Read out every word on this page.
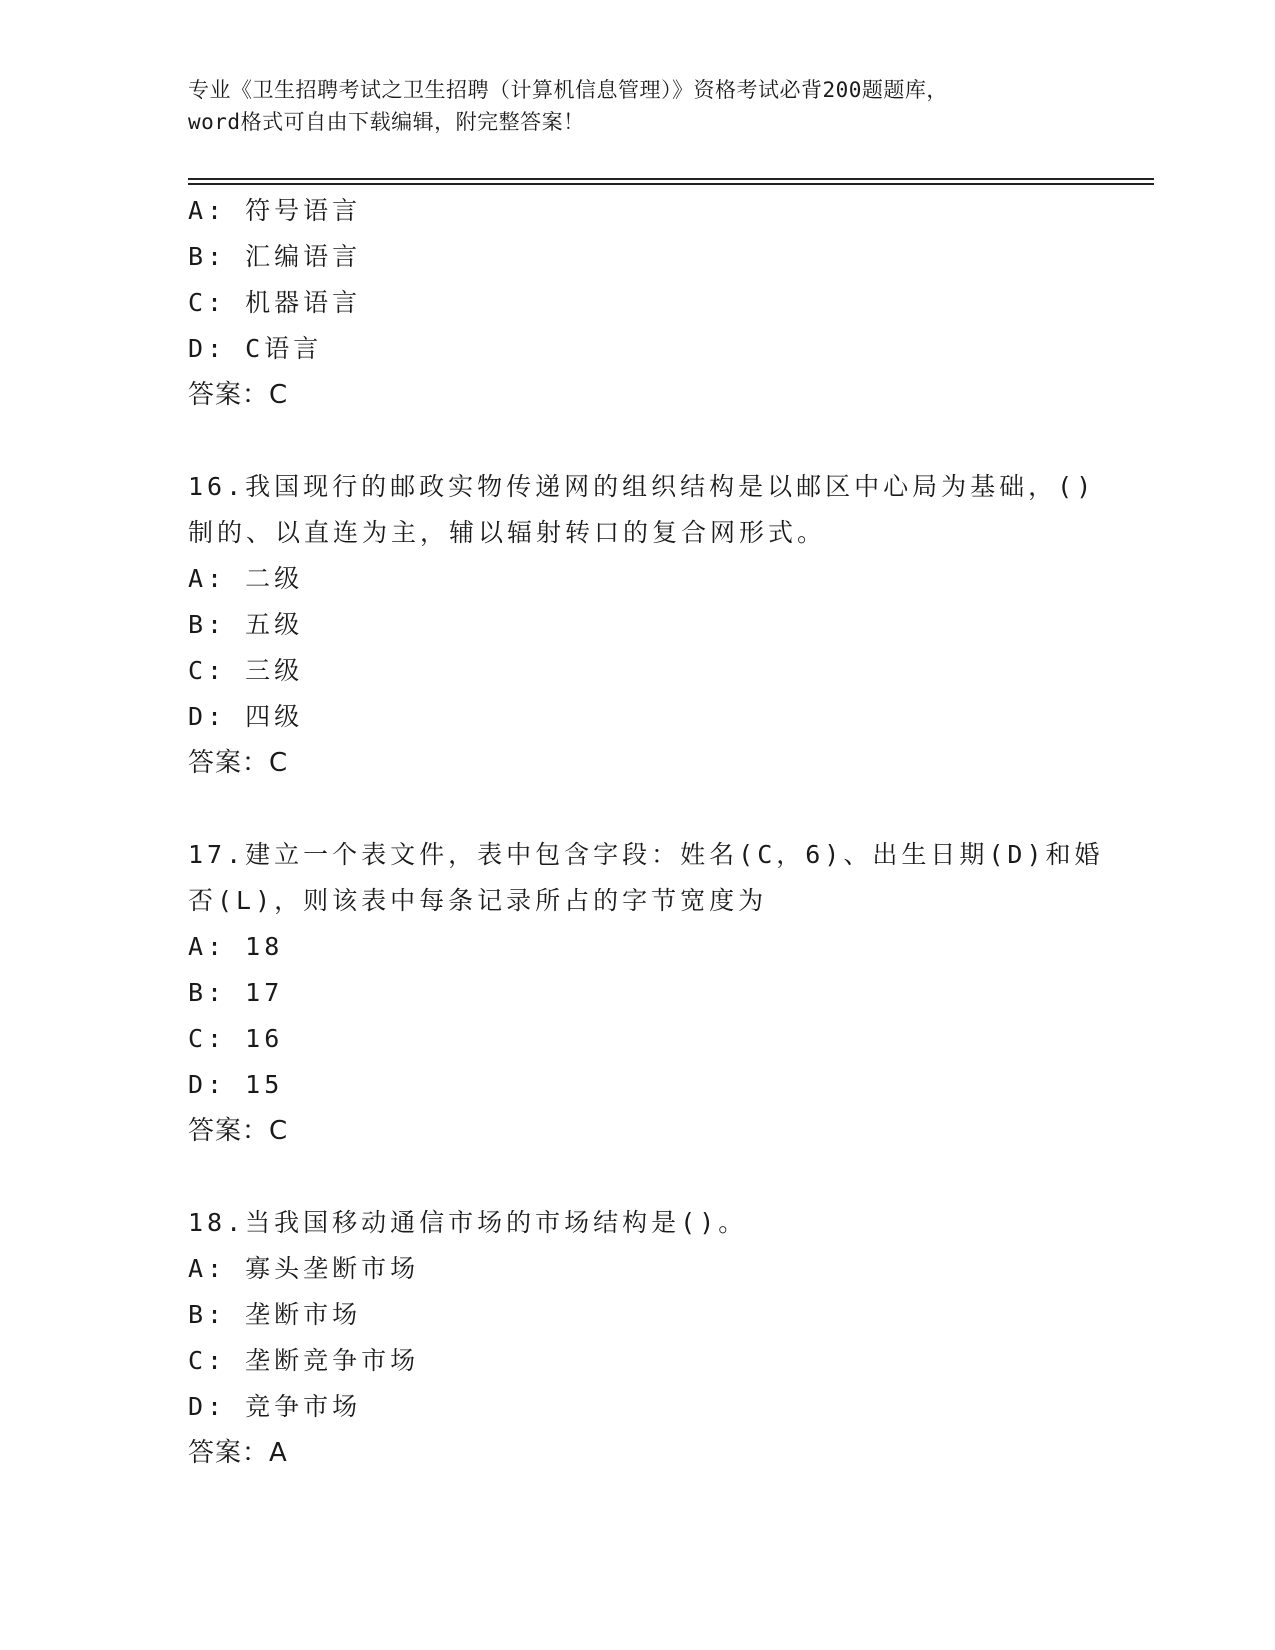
专业《卫生招聘考试之卫生招聘（计算机信息管理）》资格考试必背200题题库，
word格式可自由下载编辑，附完整答案！
A: 符号语言
B: 汇编语言
C: 机器语言
D: C语言
答案：C
16.我国现行的邮政实物传递网的组织结构是以邮区中心局为基础，()
制的、以直连为主，辅以辐射转口的复合网形式。
A: 二级
B: 五级
C: 三级
D: 四级
答案：C
17.建立一个表文件，表中包含字段：姓名(C，6)、出生日期(D)和婚
否(L)，则该表中每条记录所占的字节宽度为
A: 18
B: 17
C: 16
D: 15
答案：C
18.当我国移动通信市场的市场结构是()。
A: 寡头垄断市场
B: 垄断市场
C: 垄断竞争市场
D: 竞争市场
答案：A
